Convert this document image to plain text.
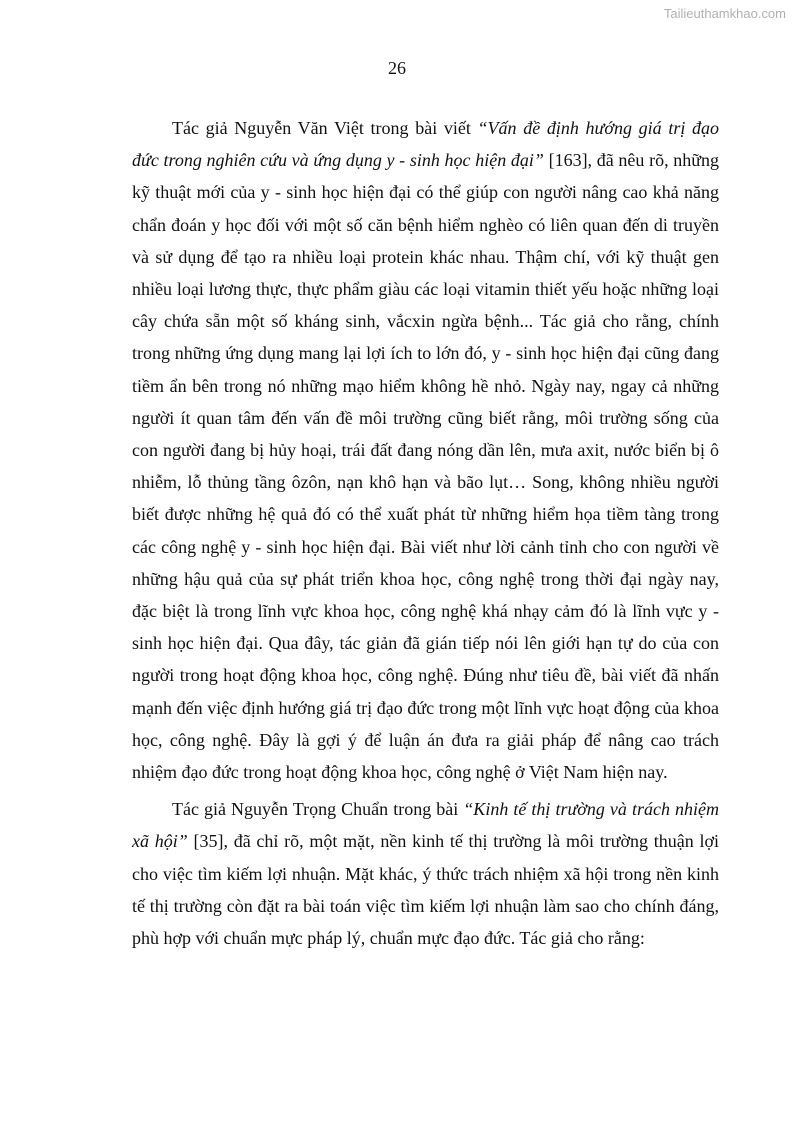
Tailieuthamkhao.com
26

Tác giả Nguyễn Văn Việt trong bài viết “Vấn đề định hướng giá trị đạo đức trong nghiên cứu và ứng dụng y - sinh học hiện đại” [163], đã nêu rõ, những kỹ thuật mới của y - sinh học hiện đại có thể giúp con người nâng cao khả năng chẩn đoán y học đối với một số căn bệnh hiểm nghèo có liên quan đến di truyền và sử dụng để tạo ra nhiều loại protein khác nhau. Thậm chí, với kỹ thuật gen nhiều loại lương thực, thực phẩm giàu các loại vitamin thiết yếu hoặc những loại cây chứa sẵn một số kháng sinh, vắcxin ngừa bệnh... Tác giả cho rằng, chính trong những ứng dụng mang lại lợi ích to lớn đó, y - sinh học hiện đại cũng đang tiềm ẩn bên trong nó những mạo hiểm không hề nhỏ. Ngày nay, ngay cả những người ít quan tâm đến vấn đề môi trường cũng biết rằng, môi trường sống của con người đang bị hủy hoại, trái đất đang nóng dần lên, mưa axit, nước biển bị ô nhiễm, lỗ thủng tầng ôzôn, nạn khô hạn và bão lụt… Song, không nhiều người biết được những hệ quả đó có thể xuất phát từ những hiểm họa tiềm tàng trong các công nghệ y - sinh học hiện đại. Bài viết như lời cảnh tỉnh cho con người về những hậu quả của sự phát triển khoa học, công nghệ trong thời đại ngày nay, đặc biệt là trong lĩnh vực khoa học, công nghệ khá nhạy cảm đó là lĩnh vực y - sinh học hiện đại. Qua đây, tác giản đã gián tiếp nói lên giới hạn tự do của con người trong hoạt động khoa học, công nghệ. Đúng như tiêu đề, bài viết đã nhấn mạnh đến việc định hướng giá trị đạo đức trong một lĩnh vực hoạt động của khoa học, công nghệ. Đây là gợi ý để luận án đưa ra giải pháp để nâng cao trách nhiệm đạo đức trong hoạt động khoa học, công nghệ ở Việt Nam hiện nay.

Tác giả Nguyễn Trọng Chuẩn trong bài “Kinh tế thị trường và trách nhiệm xã hội” [35], đã chỉ rõ, một mặt, nền kinh tế thị trường là môi trường thuận lợi cho việc tìm kiếm lợi nhuận. Mặt khác, ý thức trách nhiệm xã hội trong nền kinh tế thị trường còn đặt ra bài toán việc tìm kiếm lợi nhuận làm sao cho chính đáng, phù hợp với chuẩn mực pháp lý, chuẩn mực đạo đức. Tác giả cho rằng:
